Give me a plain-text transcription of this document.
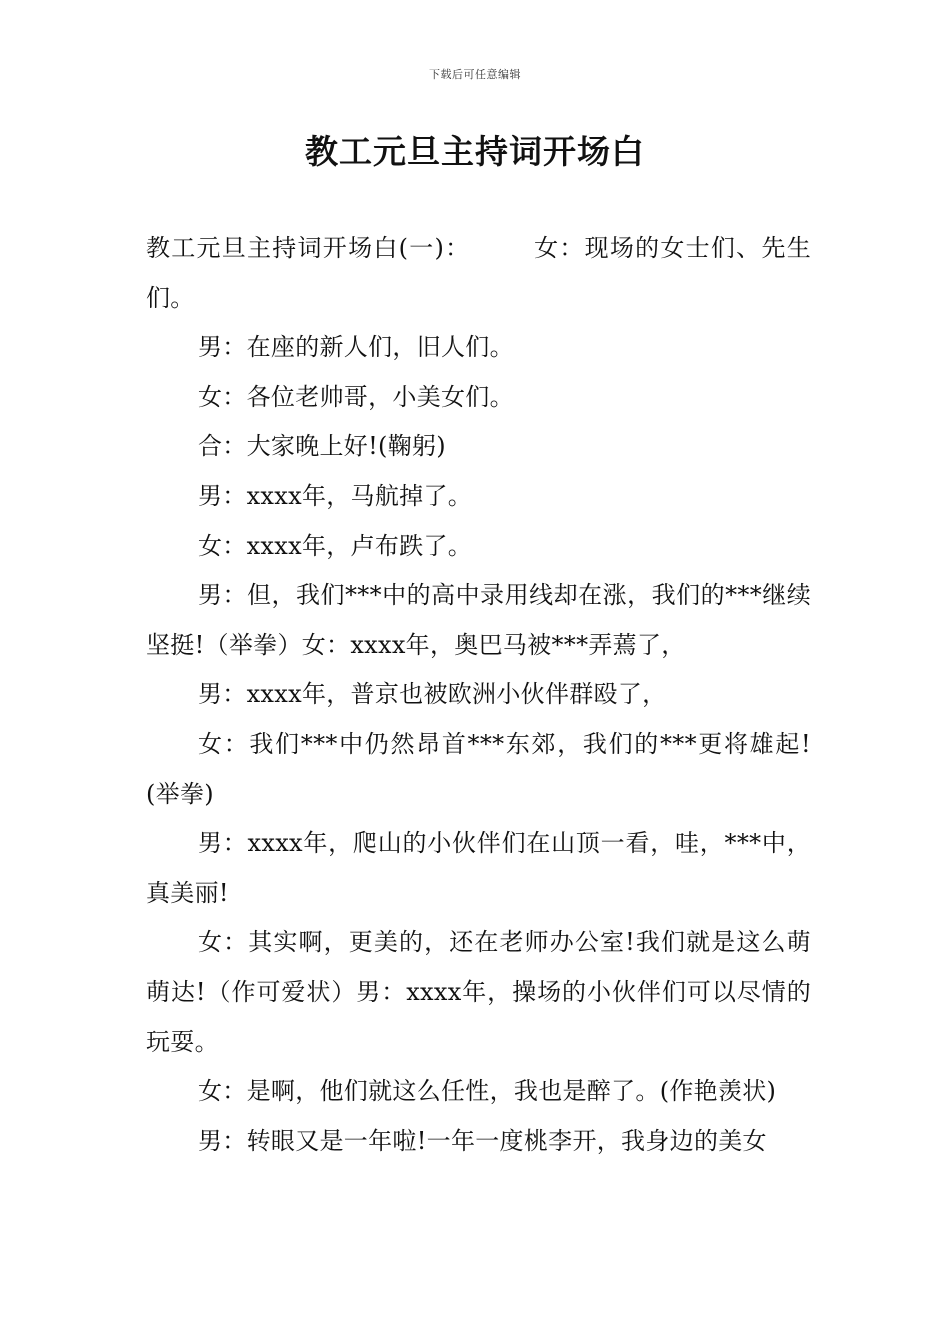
下载后可任意编辑
教工元旦主持词开场白

教工元旦主持词开场白(一)：　　　女：现场的女士们、先生们。

男：在座的新人们，旧人们。

女：各位老帅哥，小美女们。

合：大家晚上好!(鞠躬)

男：xxxx年，马航掉了。

女：xxxx年，卢布跌了。

男：但，我们***中的高中录用线却在涨，我们的***继续坚挺!（举拳）女：xxxx年，奥巴马被***弄蔫了，

男：xxxx年，普京也被欧洲小伙伴群殴了，

女：我们***中仍然昂首***东郊，我们的***更将雄起!(举拳)

男：xxxx年，爬山的小伙伴们在山顶一看，哇，***中，真美丽!

女：其实啊，更美的，还在老师办公室!我们就是这么萌萌达!（作可爱状）男：xxxx年，操场的小伙伴们可以尽情的玩耍。

女：是啊，他们就这么任性，我也是醉了。(作艳羡状)

男：转眼又是一年啦!一年一度桃李开，我身边的美女
